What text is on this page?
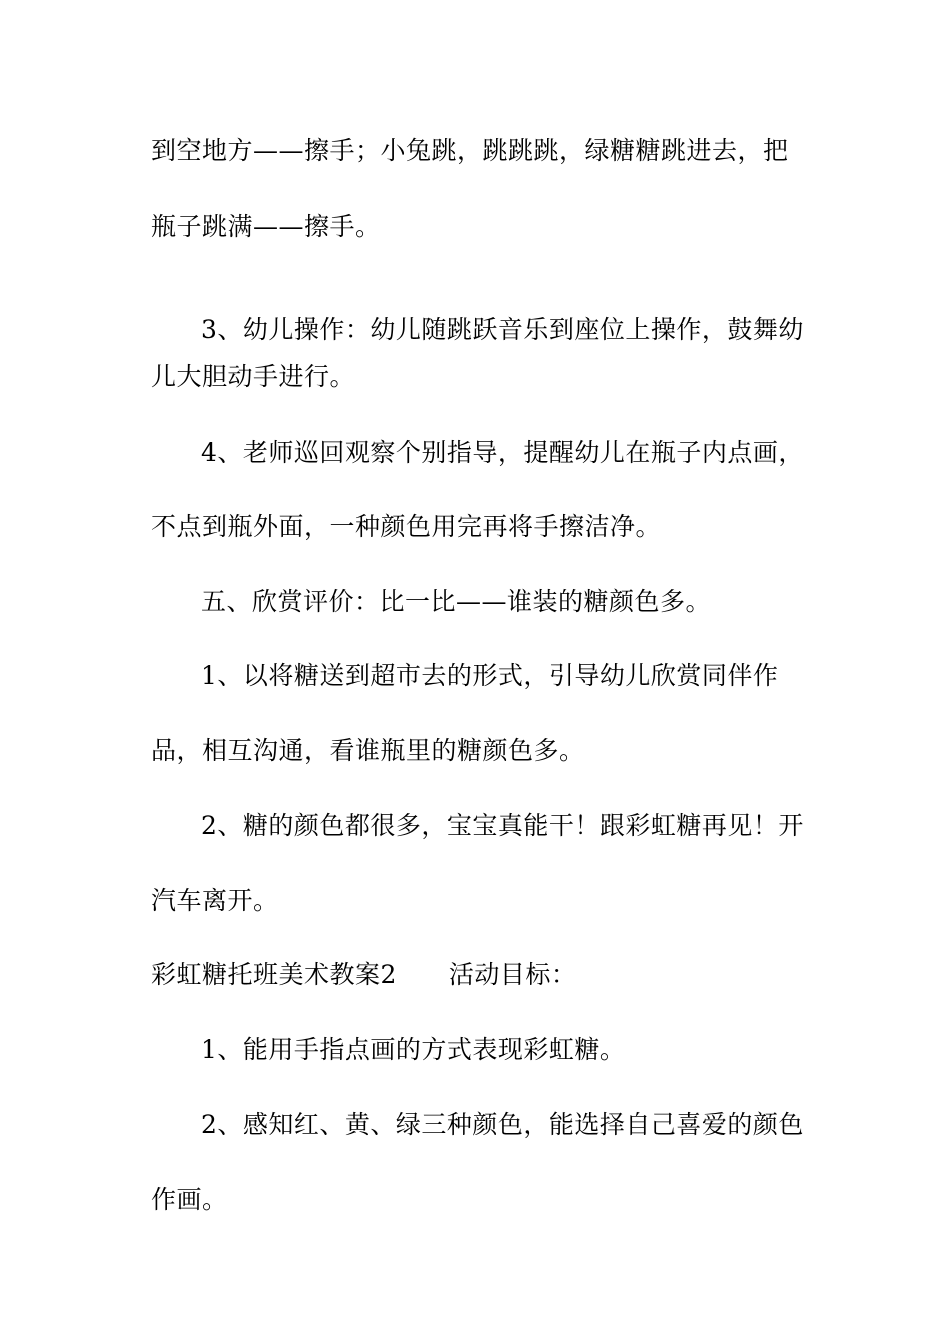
到空地方——擦手；小兔跳，跳跳跳，绿糖糖跳进去，把
瓶子跳满——擦手。
3、幼儿操作：幼儿随跳跃音乐到座位上操作，鼓舞幼
儿大胆动手进行。
4、老师巡回观察个别指导，提醒幼儿在瓶子内点画，
不点到瓶外面，一种颜色用完再将手擦洁净。
五、欣赏评价：比一比——谁装的糖颜色多。
1、以将糖送到超市去的形式，引导幼儿欣赏同伴作
品，相互沟通，看谁瓶里的糖颜色多。
2、糖的颜色都很多，宝宝真能干！跟彩虹糖再见！开
汽车离开。
彩虹糖托班美术教案2 活动目标：
1、能用手指点画的方式表现彩虹糖。
2、感知红、黄、绿三种颜色，能选择自己喜爱的颜色
作画。
